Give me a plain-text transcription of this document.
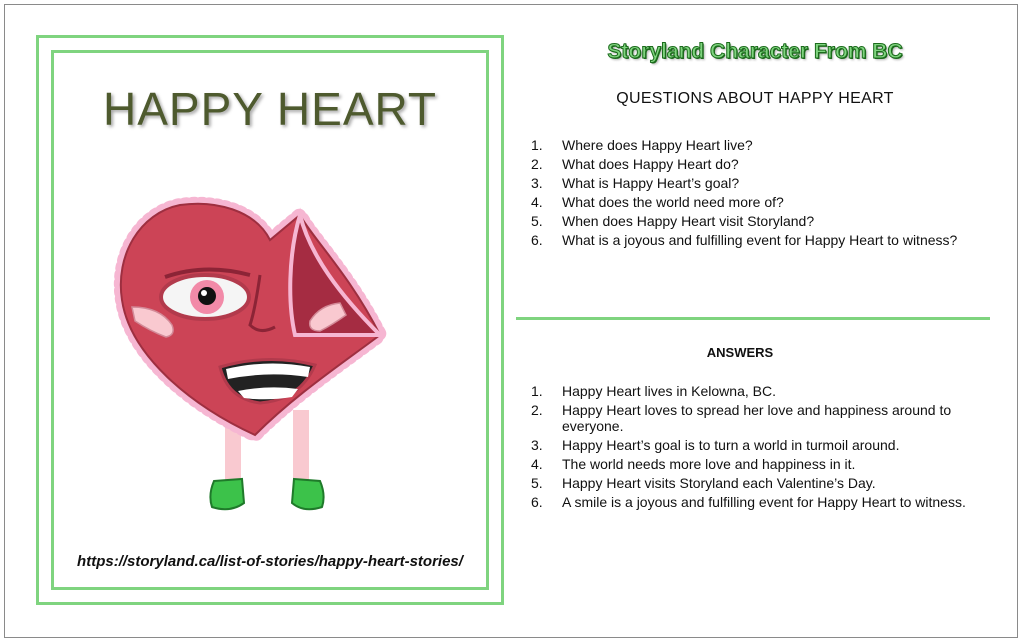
HAPPY HEART
https://storyland.ca/list-of-stories/happy-heart-stories/
Storyland Character From BC
QUESTIONS ABOUT HAPPY HEART
1.	Where does Happy Heart live?
2.	What does Happy Heart do?
3.	What is Happy Heart’s goal?
4.	What does the world need more of?
5.	When does Happy Heart visit Storyland?
6.	What is a joyous and fulfilling event for Happy Heart to witness?
ANSWERS
1.	Happy Heart lives in Kelowna, BC.
2.	Happy Heart loves to spread her love and happiness around to everyone.
3.	Happy Heart’s goal is to turn a world in turmoil around.
4.	The world needs more love and happiness in it.
5.	Happy Heart visits Storyland each Valentine’s Day.
6.	A smile is a joyous and fulfilling event for Happy Heart to witness.
